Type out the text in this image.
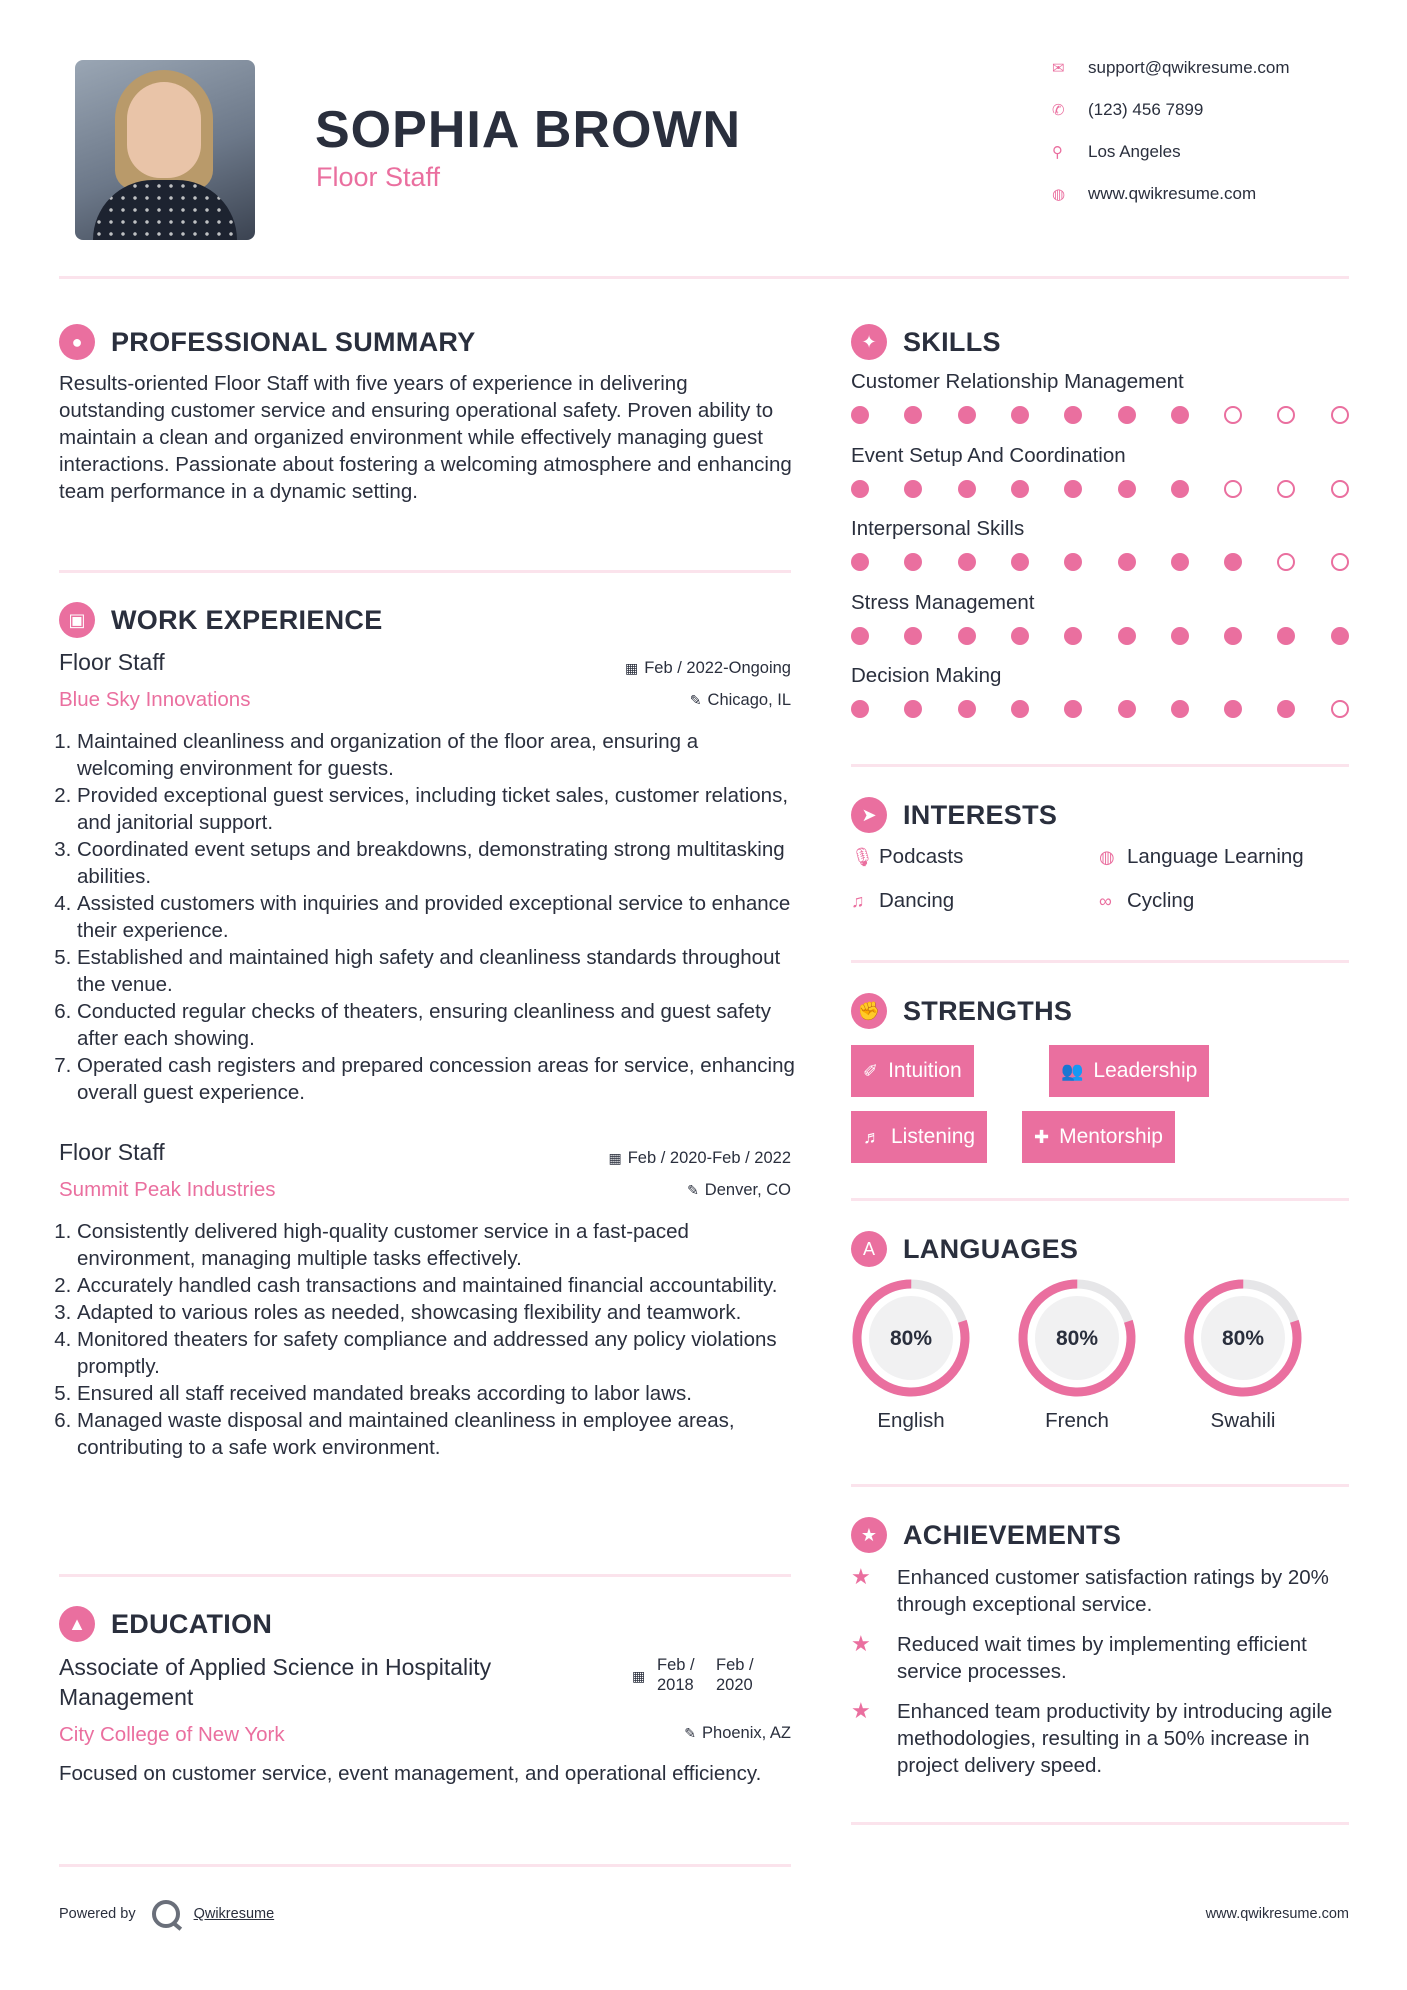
SOPHIA BROWN
Floor Staff
✉	support@qwikresume.com
✆	(123) 456 7899
⚲	Los Angeles
◍	www.qwikresume.com
●	PROFESSIONAL SUMMARY
Results-oriented Floor Staff with five years of experience in delivering outstanding customer service and ensuring operational safety. Proven ability to maintain a clean and organized environment while effectively managing guest interactions. Passionate about fostering a welcoming atmosphere and enhancing team performance in a dynamic setting.
▣ WORK EXPERIENCE
Floor Staff	▦ Feb / 2022-Ongoing
Blue Sky Innovations	✎ Chicago, IL
1. Maintained cleanliness and organization of the floor area, ensuring a welcoming environment for guests.
2. Provided exceptional guest services, including ticket sales, customer relations, and janitorial support.
3. Coordinated event setups and breakdowns, demonstrating strong multitasking abilities.
4. Assisted customers with inquiries and provided exceptional service to enhance their experience.
5. Established and maintained high safety and cleanliness standards throughout the venue.
6. Conducted regular checks of theaters, ensuring cleanliness and guest safety after each showing.
7. Operated cash registers and prepared concession areas for service, enhancing overall guest experience.
Floor Staff	▦ Feb / 2020-Feb / 2022
Summit Peak Industries	✎ Denver, CO
1. Consistently delivered high-quality customer service in a fast-paced environment, managing multiple tasks effectively.
2. Accurately handled cash transactions and maintained financial accountability.
3. Adapted to various roles as needed, showcasing flexibility and teamwork.
4. Monitored theaters for safety compliance and addressed any policy violations promptly.
5. Ensured all staff received mandated breaks according to labor laws.
6. Managed waste disposal and maintained cleanliness in employee areas, contributing to a safe work environment.
▲ EDUCATION
Associate of Applied Science in Hospitality Management
▦
Feb /
2018
Feb /
2020
City College of New York	✎ Phoenix, AZ
Focused on customer service, event management, and operational efficiency.
✦ SKILLS
Customer Relationship Management
Event Setup And Coordination
Interpersonal Skills
Stress Management
Decision Making
➤ INTERESTS
🎙 Podcasts	◍ Language Learning
♫ Dancing	∞ Cycling
✊ STRENGTHS
✐ Intuition	👥 Leadership
♬ Listening	✚ Mentorship
A	LANGUAGES
80%
English
80%
French
80%
Swahili
★ ACHIEVEMENTS
★	Enhanced customer satisfaction ratings by 20% through exceptional service.
★	Reduced wait times by implementing efficient service processes.
★	Enhanced team productivity by introducing agile methodologies, resulting in a 50% increase in project delivery speed.
Powered by	Qwikresume	www.qwikresume.com
